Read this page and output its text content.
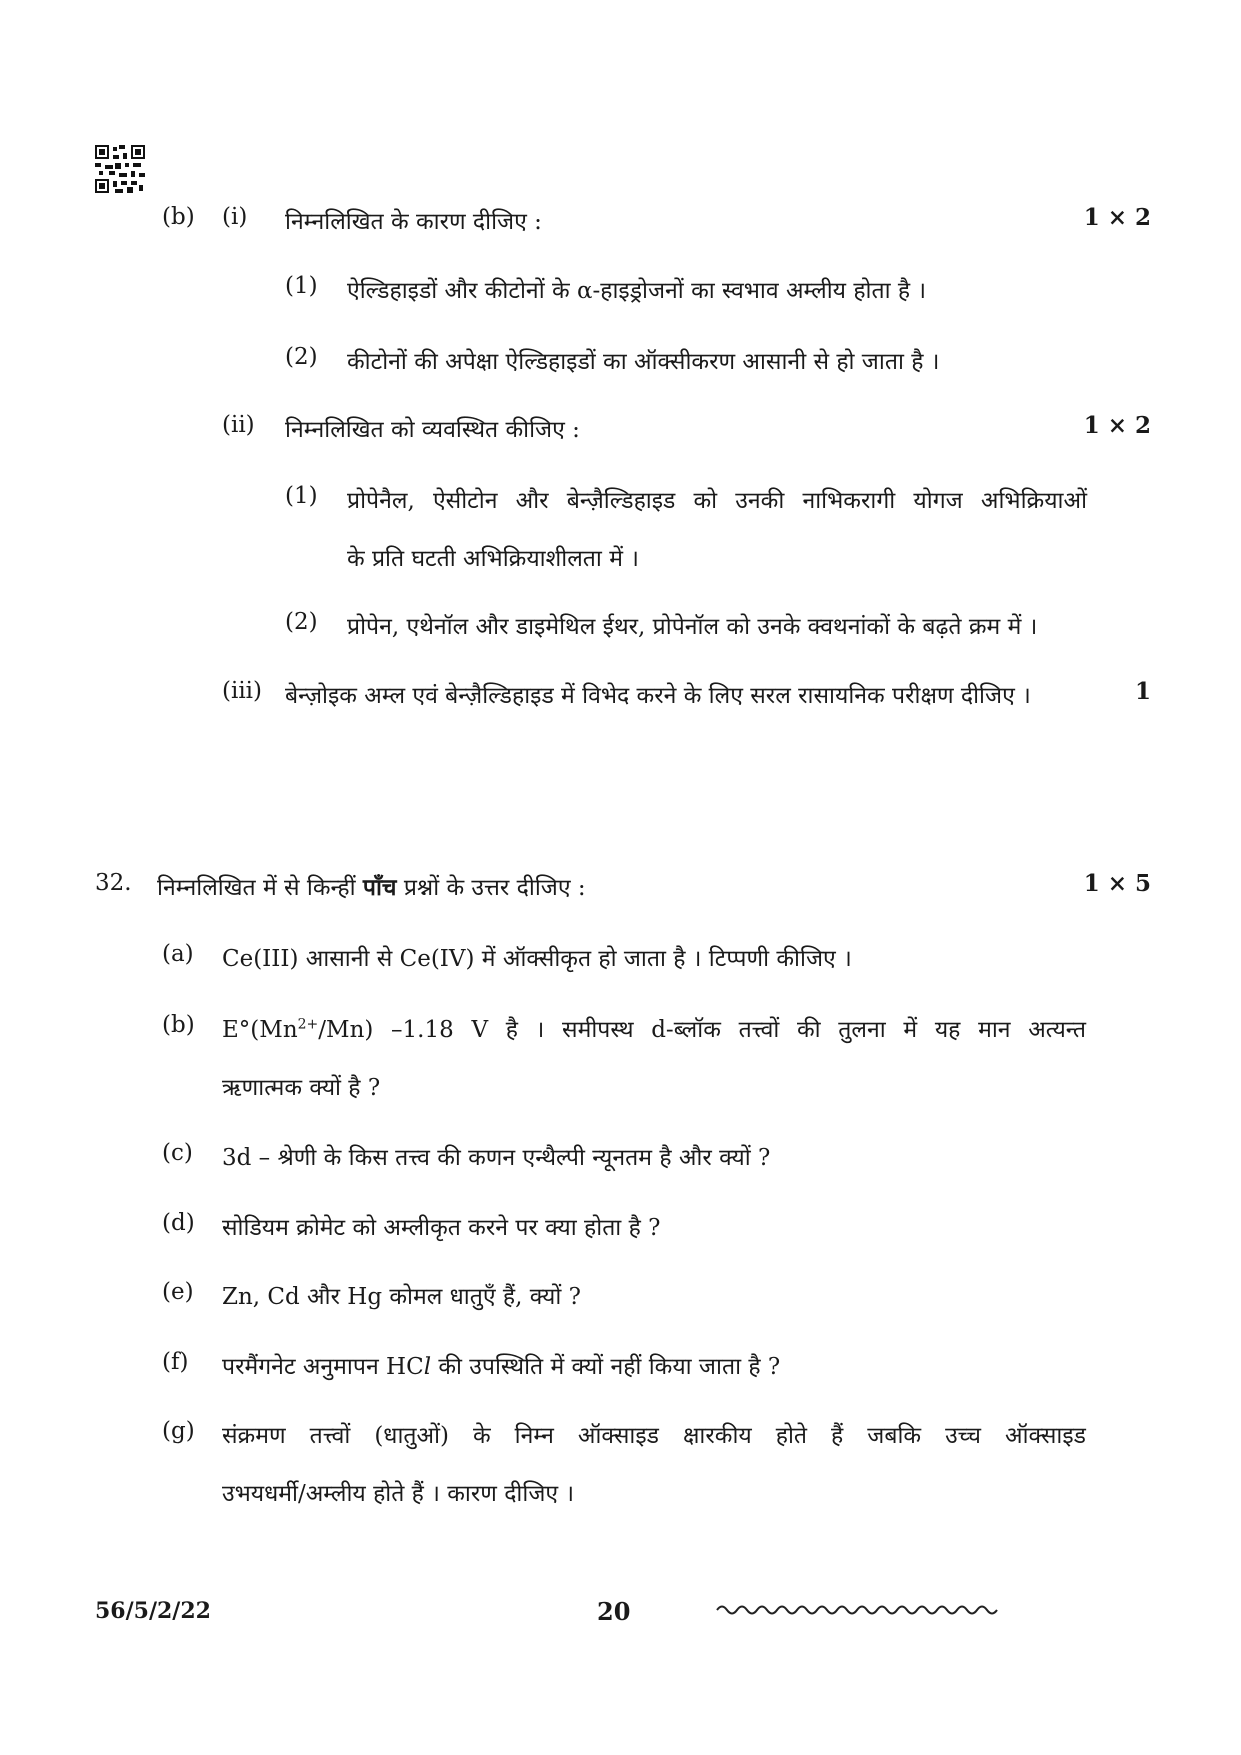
(b) (i) निम्नलिखित के कारण दीजिए :	1 × 2
(1) ऐल्डिहाइडों और कीटोनों के α-हाइड्रोजनों का स्वभाव अम्लीय होता है ।
(2) कीटोनों की अपेक्षा ऐल्डिहाइडों का ऑक्सीकरण आसानी से हो जाता है ।
(ii) निम्नलिखित को व्यवस्थित कीजिए :	1 × 2
(1) प्रोपेनैल, ऐसीटोन और बेन्ज़ैल्डिहाइड को उनकी नाभिकरागी योगज अभिक्रियाओं
के प्रति घटती अभिक्रियाशीलता में ।
(2) प्रोपेन, एथेनॉल और डाइमेथिल ईथर, प्रोपेनॉल को उनके क्वथनांकों के बढ़ते क्रम में ।
(iii) बेन्ज़ोइक अम्ल एवं बेन्ज़ैल्डिहाइड में विभेद करने के लिए सरल रासायनिक परीक्षण दीजिए ।	1
32. निम्नलिखित में से किन्हीं पाँच प्रश्नों के उत्तर दीजिए :	1 × 5
(a) Ce(III) आसानी से Ce(IV) में ऑक्सीकृत हो जाता है । टिप्पणी कीजिए ।
(b) $E^\circ(Mn^{2+}/Mn)$ –1.18 V है । समीपस्थ d-ब्लॉक तत्त्वों की तुलना में यह मान अत्यन्त
ऋणात्मक क्यों है ?
(c) 3d – श्रेणी के किस तत्त्व की कणन एन्थैल्पी न्यूनतम है और क्यों ?
(d) सोडियम क्रोमेट को अम्लीकृत करने पर क्या होता है ?
(e) Zn, Cd और Hg कोमल धातुएँ हैं, क्यों ?
(f) परमैंगनेट अनुमापन HCl की उपस्थिति में क्यों नहीं किया जाता है ?
(g) संक्रमण तत्त्वों (धातुओं) के निम्न ऑक्साइड क्षारकीय होते हैं जबकि उच्च ऑक्साइड
उभयधर्मी/अम्लीय होते हैं । कारण दीजिए ।
56/5/2/22	20
